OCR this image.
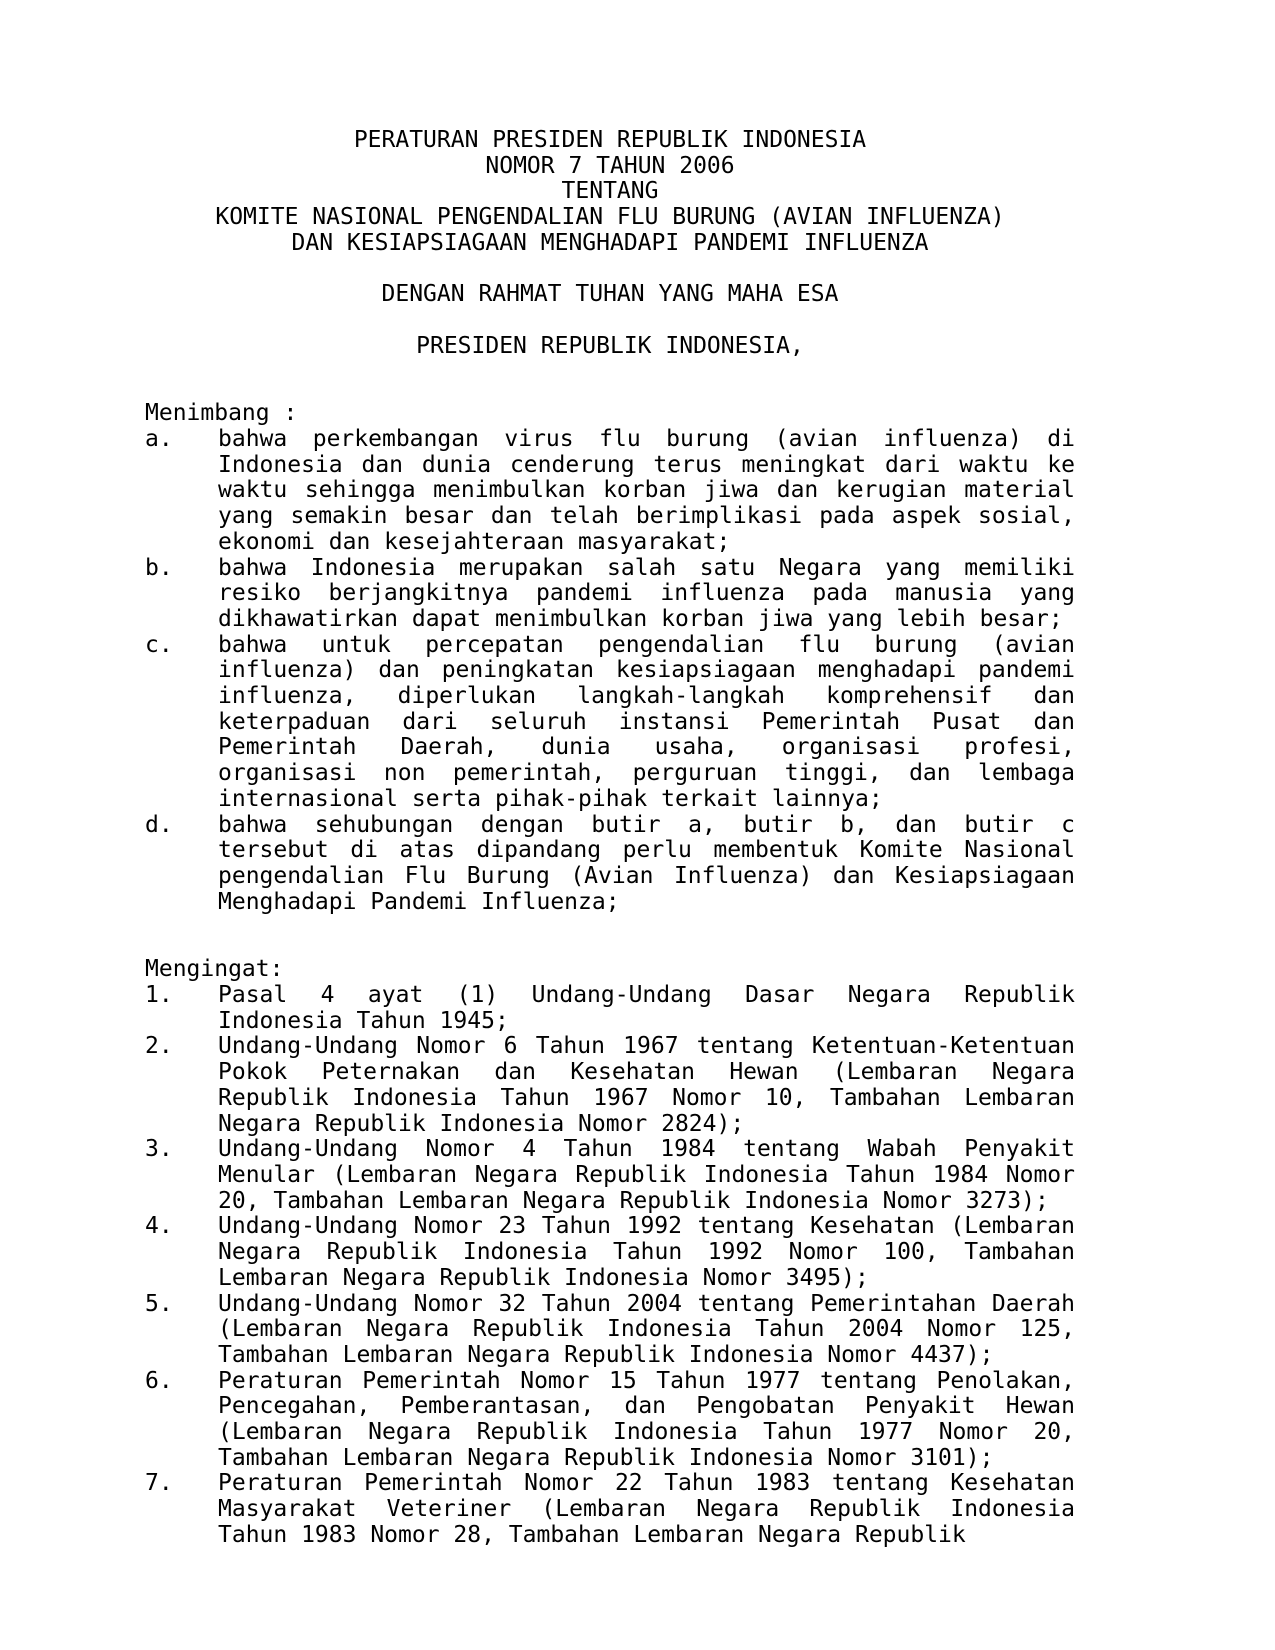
PERATURAN PRESIDEN REPUBLIK INDONESIA
NOMOR 7 TAHUN 2006
TENTANG
KOMITE NASIONAL PENGENDALIAN FLU BURUNG (AVIAN INFLUENZA)
DAN KESIAPSIAGAAN MENGHADAPI PANDEMI INFLUENZA
DENGAN RAHMAT TUHAN YANG MAHA ESA
PRESIDEN REPUBLIK INDONESIA,
Menimbang :
a.	bahwa perkembangan virus flu burung (avian influenza) di Indonesia dan dunia cenderung terus meningkat dari waktu ke waktu sehingga menimbulkan korban jiwa dan kerugian material yang semakin besar dan telah berimplikasi pada aspek sosial, ekonomi dan kesejahteraan masyarakat;
b.	bahwa Indonesia merupakan salah satu Negara yang memiliki resiko berjangkitnya pandemi influenza pada manusia yang dikhawatirkan dapat menimbulkan korban jiwa yang lebih besar;
c.	bahwa untuk percepatan pengendalian flu burung (avian influenza) dan peningkatan kesiapsiagaan menghadapi pandemi influenza, diperlukan langkah-langkah komprehensif dan keterpaduan dari seluruh instansi Pemerintah Pusat dan Pemerintah Daerah, dunia usaha, organisasi profesi, organisasi non pemerintah, perguruan tinggi, dan lembaga internasional serta pihak-pihak terkait lainnya;
d.	bahwa sehubungan dengan butir a, butir b, dan butir c tersebut di atas dipandang perlu membentuk Komite Nasional pengendalian Flu Burung (Avian Influenza) dan Kesiapsiagaan Menghadapi Pandemi Influenza;
Mengingat:
1.	Pasal 4 ayat (1) Undang-Undang Dasar Negara Republik Indonesia Tahun 1945;
2.	Undang-Undang Nomor 6 Tahun 1967 tentang Ketentuan-Ketentuan Pokok Peternakan dan Kesehatan Hewan (Lembaran Negara Republik Indonesia Tahun 1967 Nomor 10, Tambahan Lembaran Negara Republik Indonesia Nomor 2824);
3.	Undang-Undang Nomor 4 Tahun 1984 tentang Wabah Penyakit Menular (Lembaran Negara Republik Indonesia Tahun 1984 Nomor 20, Tambahan Lembaran Negara Republik Indonesia Nomor 3273);
4.	Undang-Undang Nomor 23 Tahun 1992 tentang Kesehatan (Lembaran Negara Republik Indonesia Tahun 1992 Nomor 100, Tambahan Lembaran Negara Republik Indonesia Nomor 3495);
5.	Undang-Undang Nomor 32 Tahun 2004 tentang Pemerintahan Daerah (Lembaran Negara Republik Indonesia Tahun 2004 Nomor 125, Tambahan Lembaran Negara Republik Indonesia Nomor 4437);
6.	Peraturan Pemerintah Nomor 15 Tahun 1977 tentang Penolakan, Pencegahan, Pemberantasan, dan Pengobatan Penyakit Hewan (Lembaran Negara Republik Indonesia Tahun 1977 Nomor 20, Tambahan Lembaran Negara Republik Indonesia Nomor 3101);
7.	Peraturan Pemerintah Nomor 22 Tahun 1983 tentang Kesehatan Masyarakat Veteriner (Lembaran Negara Republik Indonesia Tahun 1983 Nomor 28, Tambahan Lembaran Negara Republik
